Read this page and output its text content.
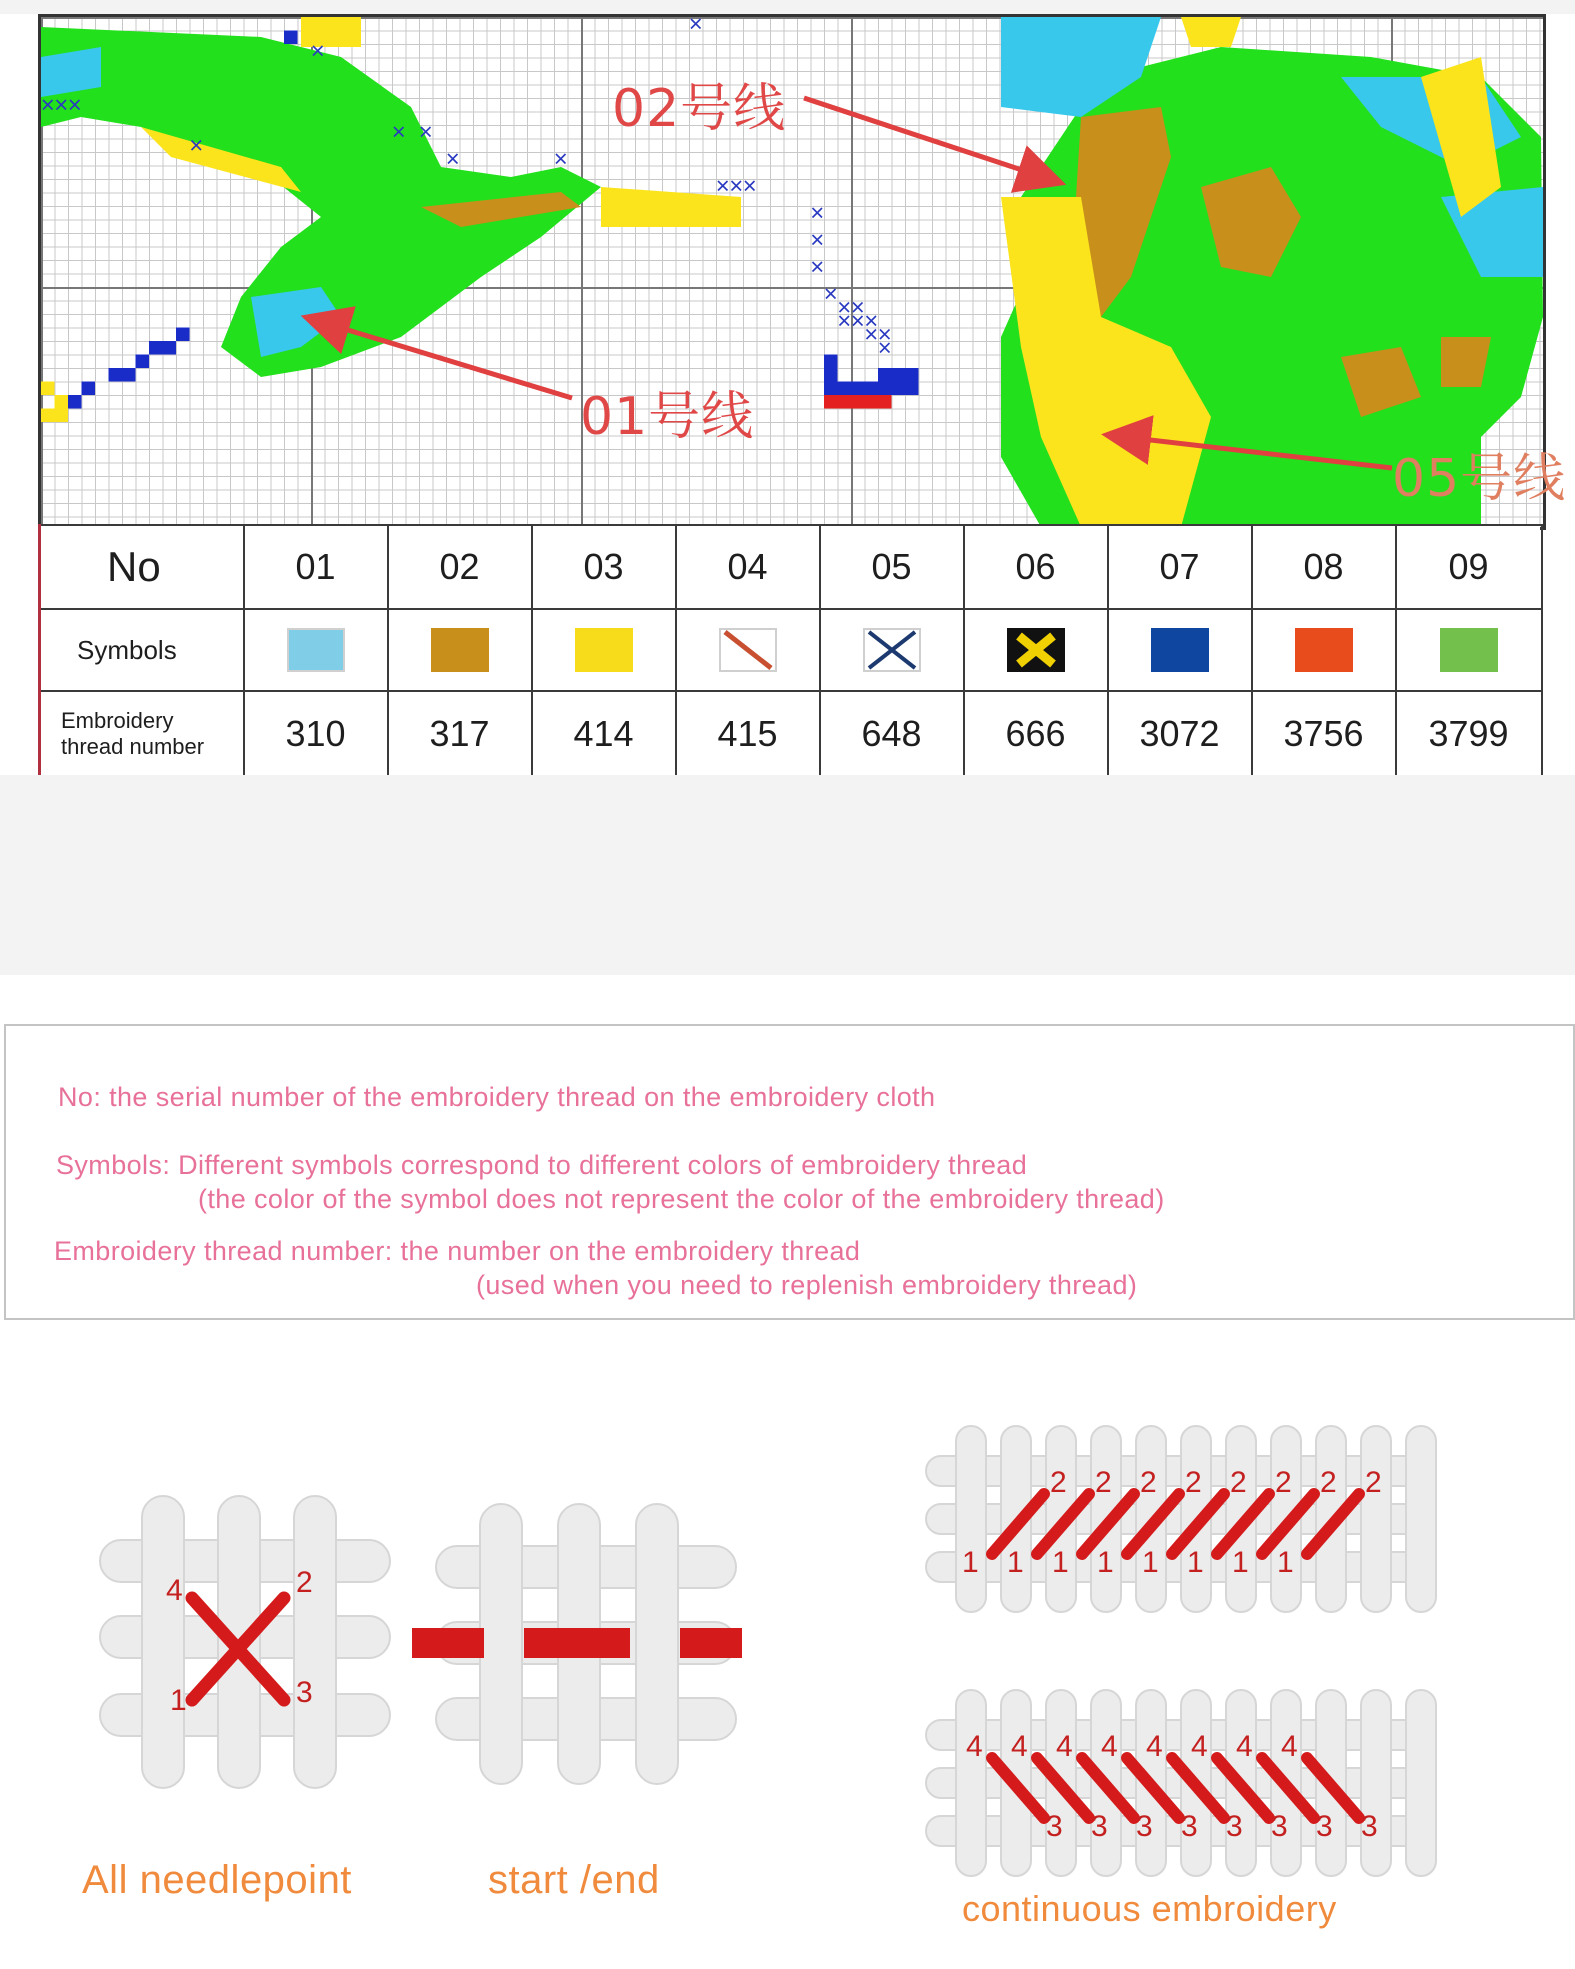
01号线
02号线
05号线
No	01	02	03	04	05	06	07	08	09
Symbols									

Embroidery
thread number	310	317	414	415	648	666	3072	3756	3799
No: the serial number of the embroidery thread on the embroidery cloth
Symbols: Different symbols correspond to different colors of embroidery thread
(the color of the symbol does not represent the color of the embroidery thread)
Embroidery thread number: the number on the embroidery thread
(used when you need to replenish embroidery thread)
4	2
1	3
All needlepoint	start /end
2 2 2 2 2 2 2 2
1 1 1 1 1 1 1 1
4 4 4 4 4 4 4 4
3 3 3 3 3 3 3 3
continuous embroidery
